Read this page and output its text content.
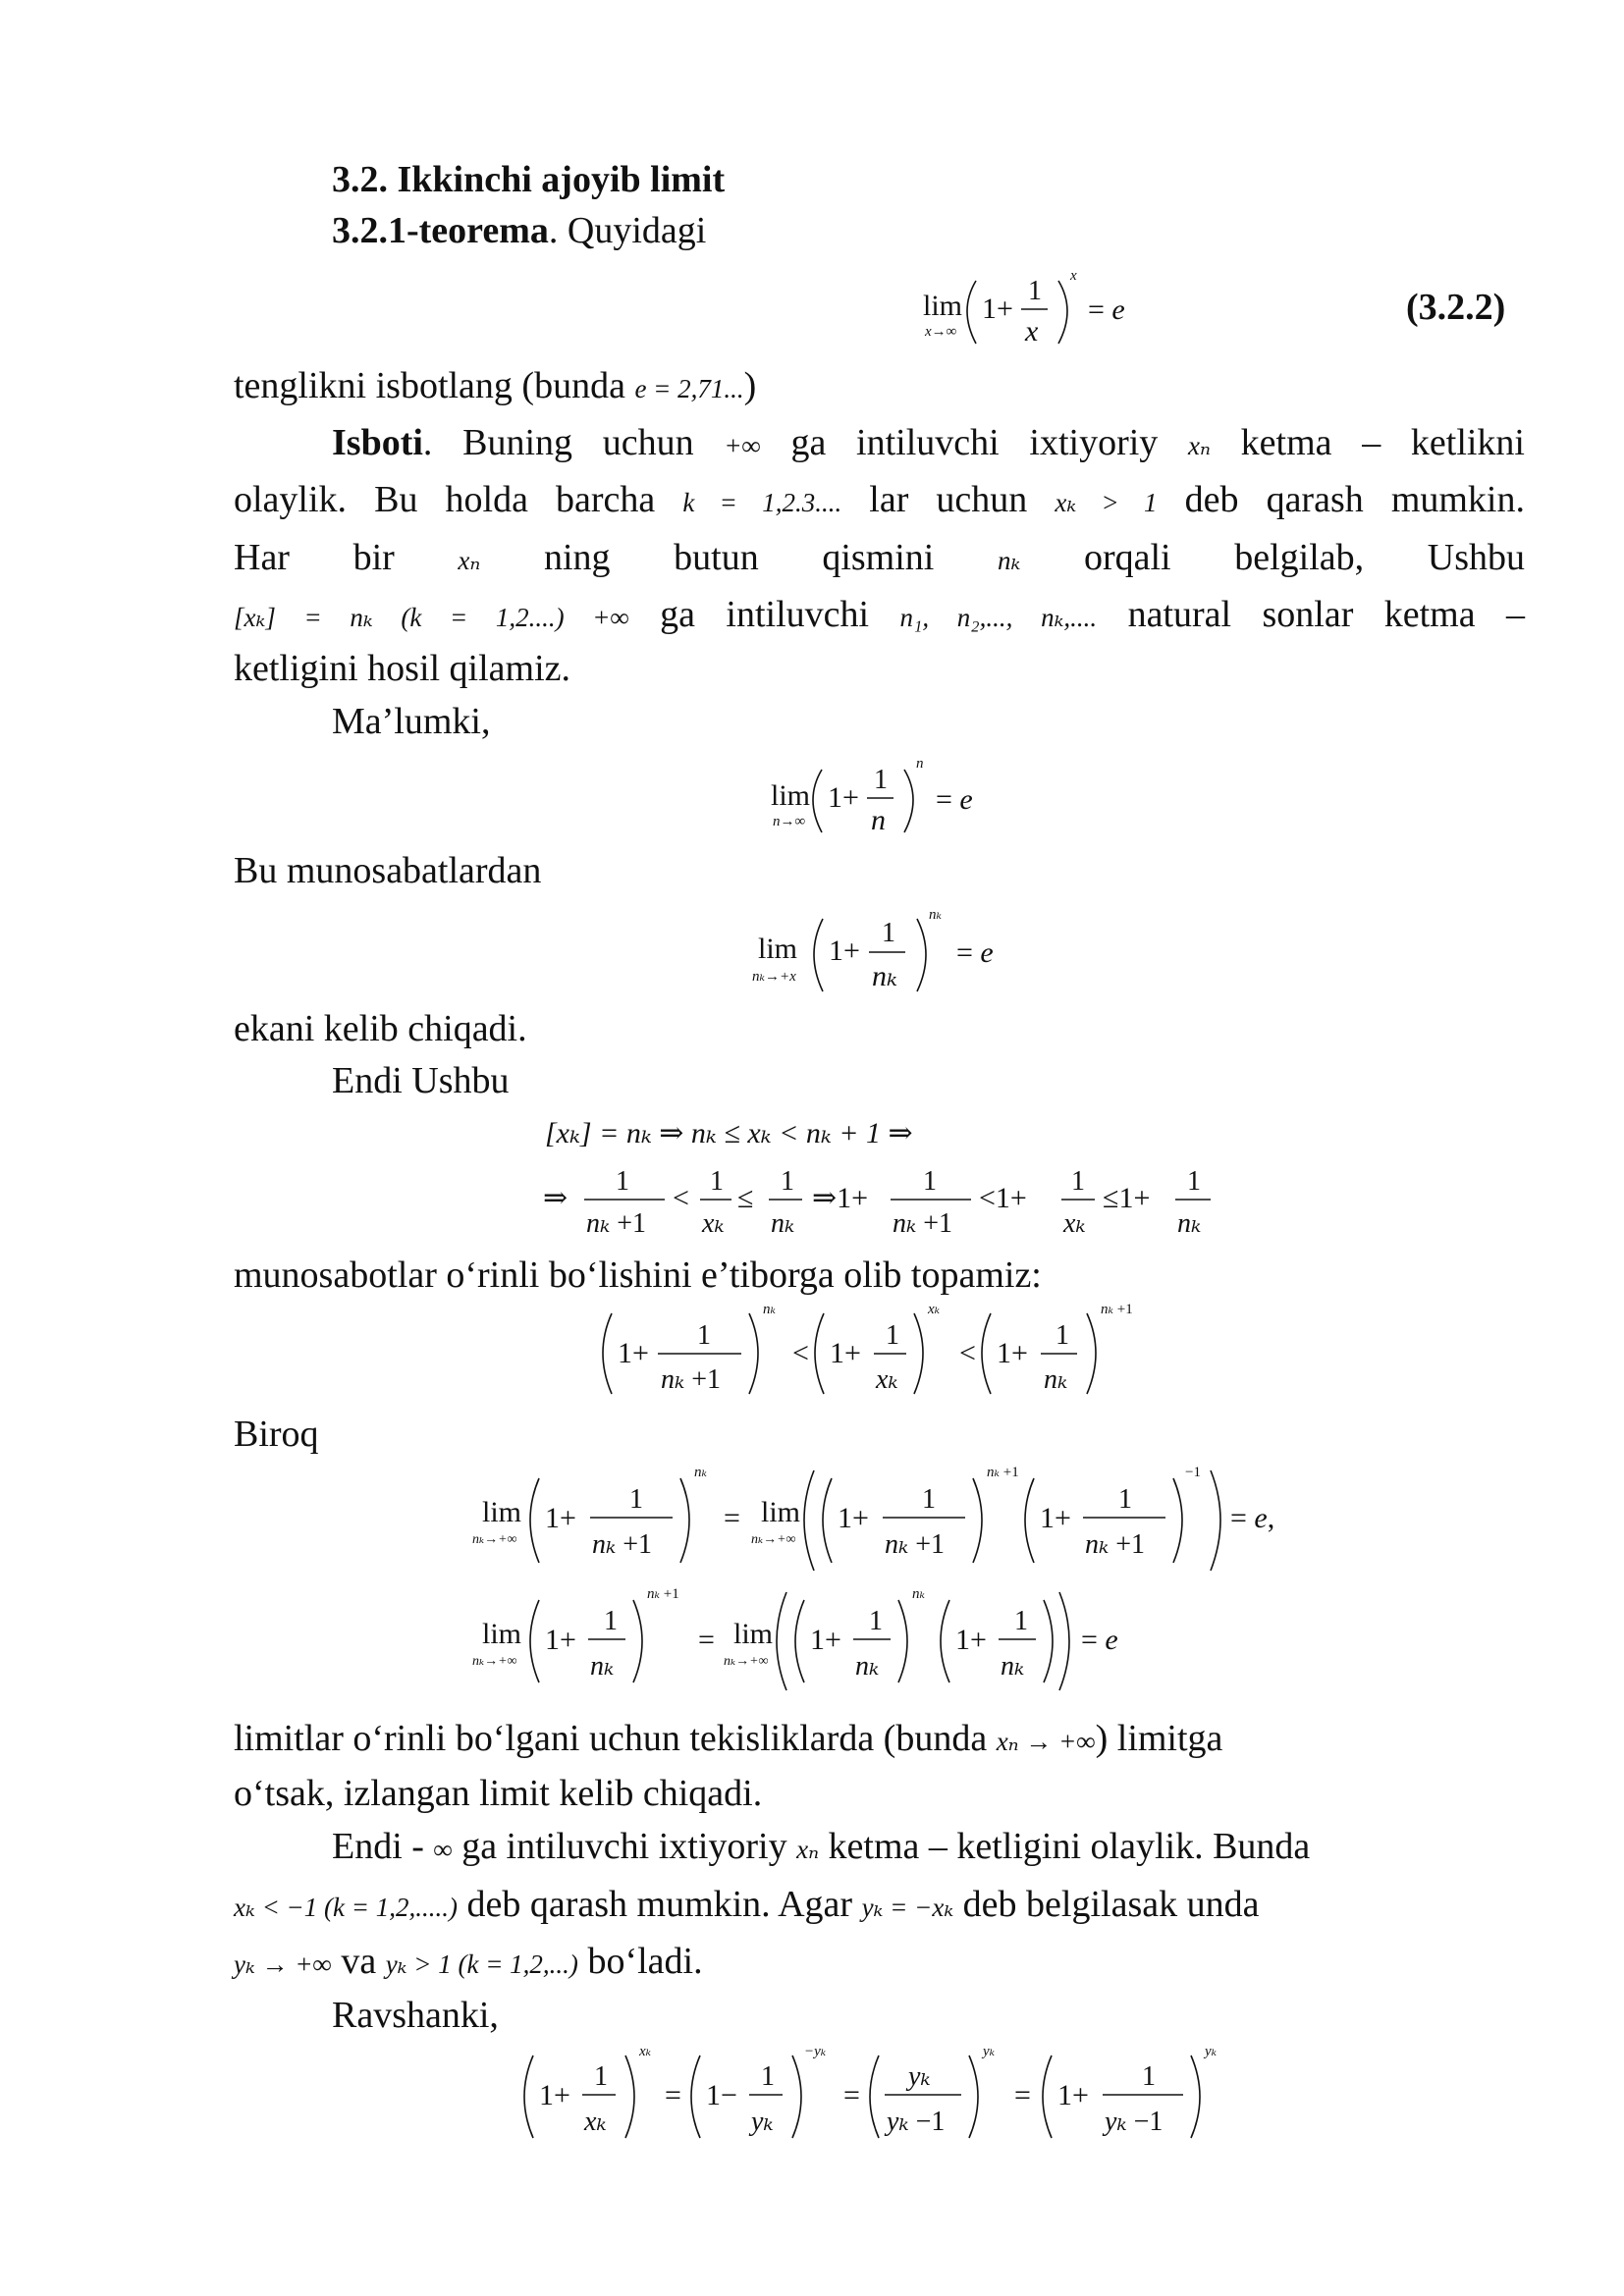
3.2. Ikkinchi ajoyib limit
3.2.1-teorema. Quyidagi
lim
x→∞
1+
1
x
x
= e	(3.2.2)
tenglikni isbotlang (bunda e = 2,71...)
Isboti. Buning uchun +∞ ga intiluvchi ixtiyoriy xₙ ketma – ketlikni
olaylik. Bu holda barcha k = 1,2.3.... lar uchun xₖ > 1 deb qarash mumkin.
Har bir xₙ ning butun qismini nₖ orqali belgilab, Ushbu
[xₖ] = nₖ (k = 1,2....) +∞ ga intiluvchi n₁, n₂,..., nₖ,.... natural sonlar ketma –
ketligini hosil qilamiz.
Ma’lumki,
lim
n→∞
1+
1
n
n
= e
Bu munosabatlardan
lim
nₖ→+x
1+
1
nₖ
nₖ
= e
ekani kelib chiqadi.
Endi Ushbu
[xₖ] = nₖ ⇒ nₖ ≤ xₖ < nₖ + 1 ⇒
⇒
1
nₖ +1
<
1
xₖ
≤
1
nₖ
⇒1+
1
nₖ +1
<1+
1
xₖ
≤1+
1
nₖ
munosabotlar o‘rinli bo‘lishini e’tiborga olib topamiz:
1+
1
nₖ +1
nₖ
< 1+
1
xₖ
xₖ
< 1+
1
nₖ
nₖ +1
Biroq
lim
nₖ→+∞
1+
1
nₖ +1
nₖ
= lim
nₖ→+∞
1+
1
nₖ +1
nₖ +1
1+
1
nₖ +1
−1
= e,
lim
nₖ→+∞
1+
1
nₖ
nₖ +1
= lim
nₖ→+∞
1+
1
nₖ
nₖ
1+
1
nₖ
= e
limitlar o‘rinli bo‘lgani uchun tekisliklarda (bunda xₙ → +∞) limitga
o‘tsak, izlangan limit kelib chiqadi.
Endi - ∞ ga intiluvchi ixtiyoriy xₙ ketma – ketligini olaylik. Bunda
xₖ < −1 (k = 1,2,.....) deb qarash mumkin. Agar yₖ = −xₖ deb belgilasak unda
yₖ → +∞ va yₖ > 1 (k = 1,2,...) bo‘ladi.
Ravshanki,
1+
1
xₖ
xₖ
= 1−
1
yₖ
−yₖ
=
yₖ
yₖ −1
yₖ
= 1+
1
yₖ −1
yₖ
